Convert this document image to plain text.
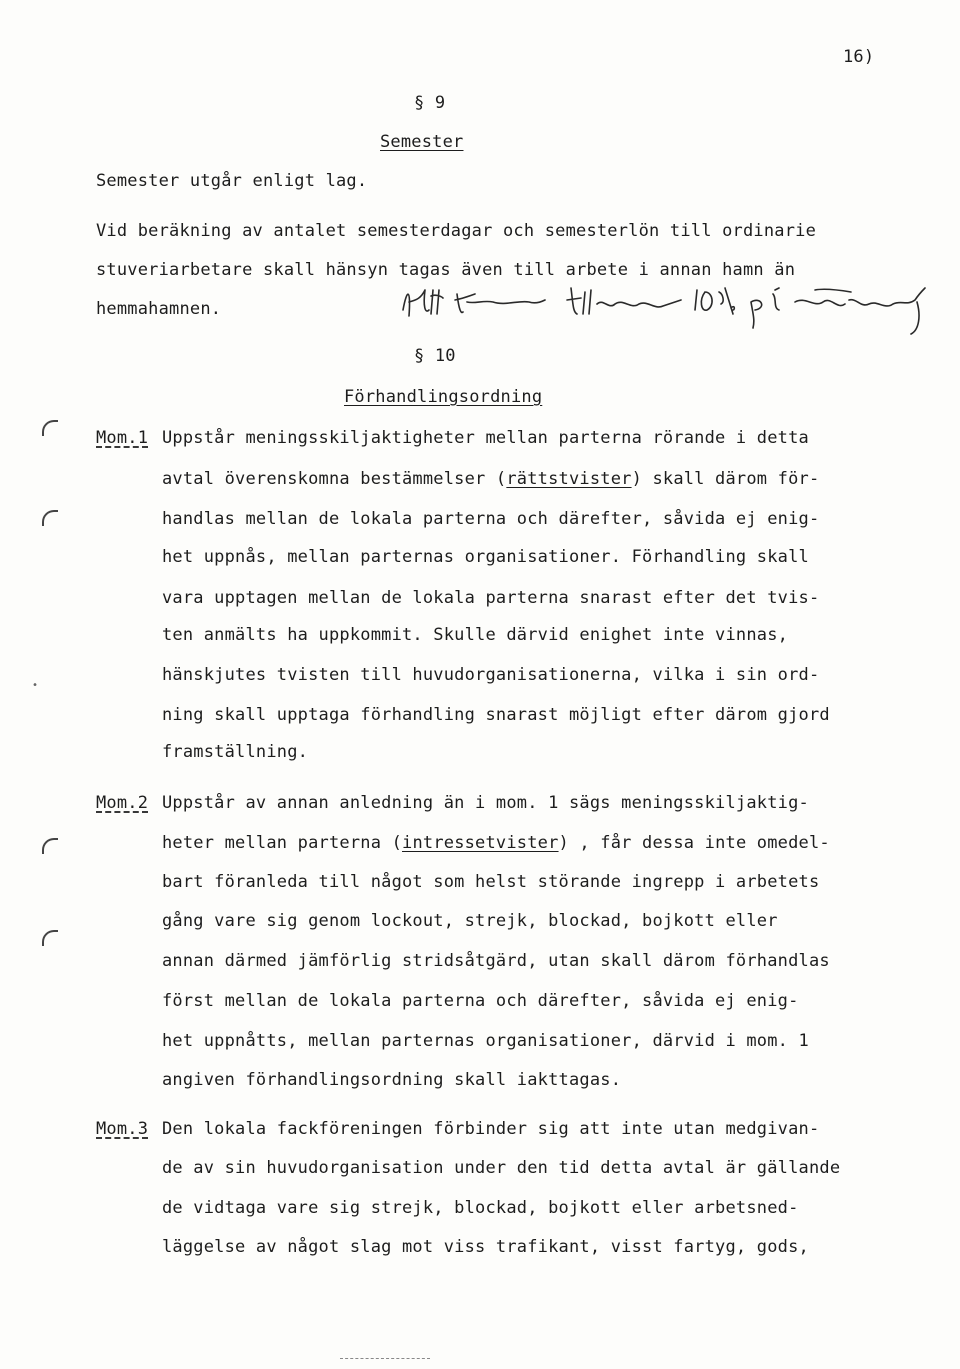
16)
§ 9
Semester
Semester utgår enligt lag.
Vid beräkning av antalet semesterdagar och semesterlön till ordinarie
stuveriarbetare skall hänsyn tagas även till arbete i annan hamn än
hemmahamnen.
§ 10
Förhandlingsordning
Mom.1 Uppstår meningsskiljaktigheter mellan parterna rörande i detta
avtal överenskomna bestämmelser (rättstvister) skall därom för-
handlas mellan de lokala parterna och därefter, såvida ej enig-
het uppnås, mellan parternas organisationer. Förhandling skall
vara upptagen mellan de lokala parterna snarast efter det tvis-
ten anmälts ha uppkommit. Skulle därvid enighet inte vinnas,
hänskjutes tvisten till huvudorganisationerna, vilka i sin ord-
ning skall upptaga förhandling snarast möjligt efter därom gjord
framställning.
•
Mom.2 Uppstår av annan anledning än i mom. 1 sägs meningsskiljaktig-
heter mellan parterna (intressetvister) , får dessa inte omedel-
bart föranleda till något som helst störande ingrepp i arbetets
gång vare sig genom lockout, strejk, blockad, bojkott eller
annan därmed jämförlig stridsåtgärd, utan skall därom förhandlas
först mellan de lokala parterna och därefter, såvida ej enig-
het uppnåtts, mellan parternas organisationer, därvid i mom. 1
angiven förhandlingsordning skall iakttagas.
Mom.3 Den lokala fackföreningen förbinder sig att inte utan medgivan-
de av sin huvudorganisation under den tid detta avtal är gällande
de vidtaga vare sig strejk, blockad, bojkott eller arbetsned-
läggelse av något slag mot viss trafikant, visst fartyg, gods,
